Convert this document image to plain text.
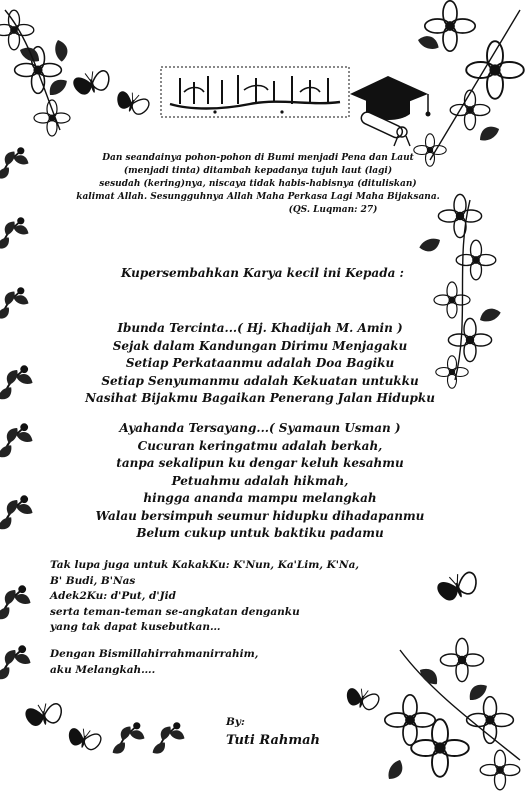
Dan seandainya pohon-pohon di Bumi menjadi Pena dan Laut
(menjadi tinta) ditambah kepadanya tujuh laut (lagi)
sesudah (kering)nya, niscaya tidak habis-habisnya (dituliskan)
kalimat Allah. Sesungguhnya Allah Maha Perkasa Lagi Maha Bijaksana.
(QS. Luqman: 27)
Kupersembahkan Karya kecil ini Kepada :
Ibunda Tercinta...( Hj. Khadijah M. Amin )
Sejak dalam Kandungan Dirimu Menjagaku
Setiap Perkataanmu adalah Doa Bagiku
Setiap Senyumanmu adalah Kekuatan untukku
Nasihat Bijakmu Bagaikan Penerang Jalan Hidupku
Ayahanda Tersayang...( Syamaun Usman )
Cucuran keringatmu adalah berkah,
tanpa sekalipun ku dengar keluh kesahmu
Petuahmu adalah hikmah,
hingga ananda mampu melangkah
Walau bersimpuh seumur hidupku dihadapanmu
Belum cukup untuk baktiku padamu
Tak lupa juga untuk KakakKu: K'Nun, Ka'Lim, K'Na,
B' Budi, B'Nas
Adek2Ku: d'Put, d'Jid
serta teman-teman se-angkatan denganku
yang tak dapat kusebutkan…
Dengan Bismillahirrahmanirrahim,
aku Melangkah….
By:
Tuti Rahmah
